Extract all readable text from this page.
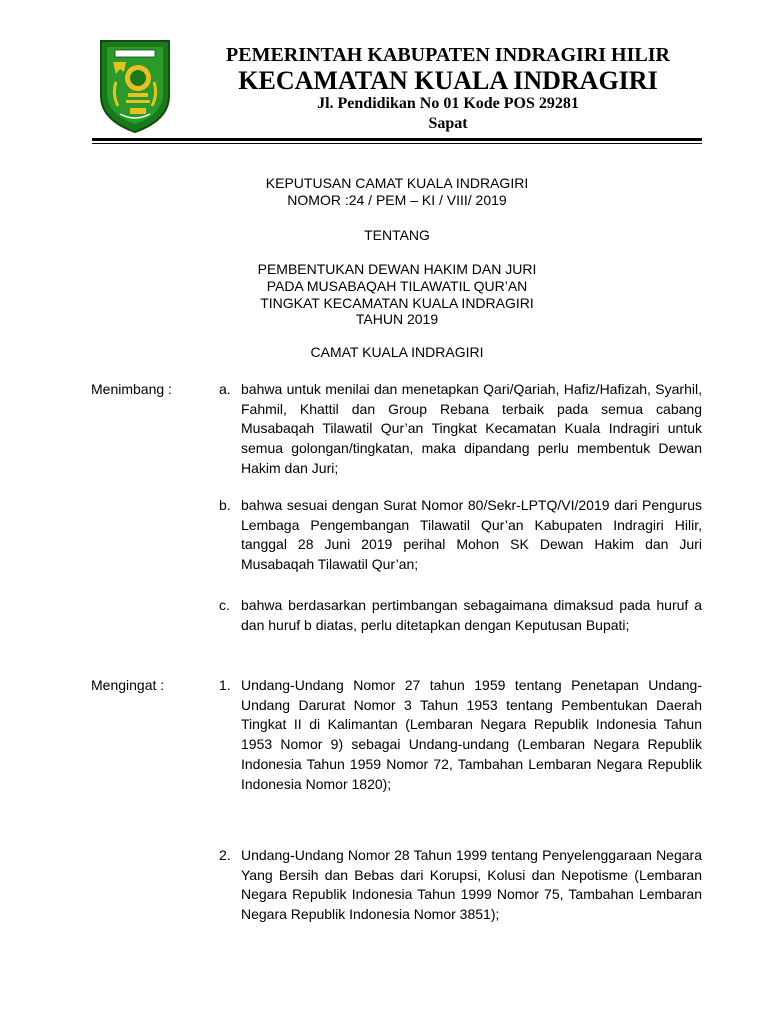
PEMERINTAH KABUPATEN INDRAGIRI HILIR
KECAMATAN KUALA INDRAGIRI
Jl. Pendidikan No 01 Kode POS 29281
Sapat
KEPUTUSAN CAMAT KUALA INDRAGIRI
NOMOR :24 / PEM – KI / VIII/ 2019
TENTANG
PEMBENTUKAN DEWAN HAKIM DAN JURI
PADA MUSABAQAH TILAWATIL QUR’AN
TINGKAT KECAMATAN KUALA INDRAGIRI
TAHUN 2019
CAMAT KUALA INDRAGIRI
Menimbang :	a. bahwa untuk menilai dan menetapkan Qari/Qariah, Hafiz/Hafizah, Syarhil, Fahmil, Khattil dan Group Rebana terbaik pada semua cabang Musabaqah Tilawatil Qur’an Tingkat Kecamatan Kuala Indragiri untuk semua golongan/tingkatan, maka dipandang perlu membentuk Dewan Hakim dan Juri;

b. bahwa sesuai dengan Surat Nomor 80/Sekr-LPTQ/VI/2019 dari Pengurus Lembaga Pengembangan Tilawatil Qur’an Kabupaten Indragiri Hilir, tanggal 28 Juni 2019 perihal Mohon SK Dewan Hakim dan Juri Musabaqah Tilawatil Qur’an;

c. bahwa berdasarkan pertimbangan sebagaimana dimaksud pada huruf a dan huruf b diatas, perlu ditetapkan dengan Keputusan Bupati;

Mengingat :	1. Undang-Undang Nomor 27 tahun 1959 tentang Penetapan Undang-Undang Darurat Nomor 3 Tahun 1953 tentang Pembentukan Daerah Tingkat II di Kalimantan (Lembaran Negara Republik Indonesia Tahun 1953 Nomor 9) sebagai Undang-undang (Lembaran Negara Republik Indonesia Tahun 1959 Nomor 72, Tambahan Lembaran Negara Republik Indonesia Nomor 1820);

2. Undang-Undang Nomor 28 Tahun 1999 tentang Penyelenggaraan Negara Yang Bersih dan Bebas dari Korupsi, Kolusi dan Nepotisme (Lembaran Negara Republik Indonesia Tahun 1999 Nomor 75, Tambahan Lembaran Negara Republik Indonesia Nomor 3851);
